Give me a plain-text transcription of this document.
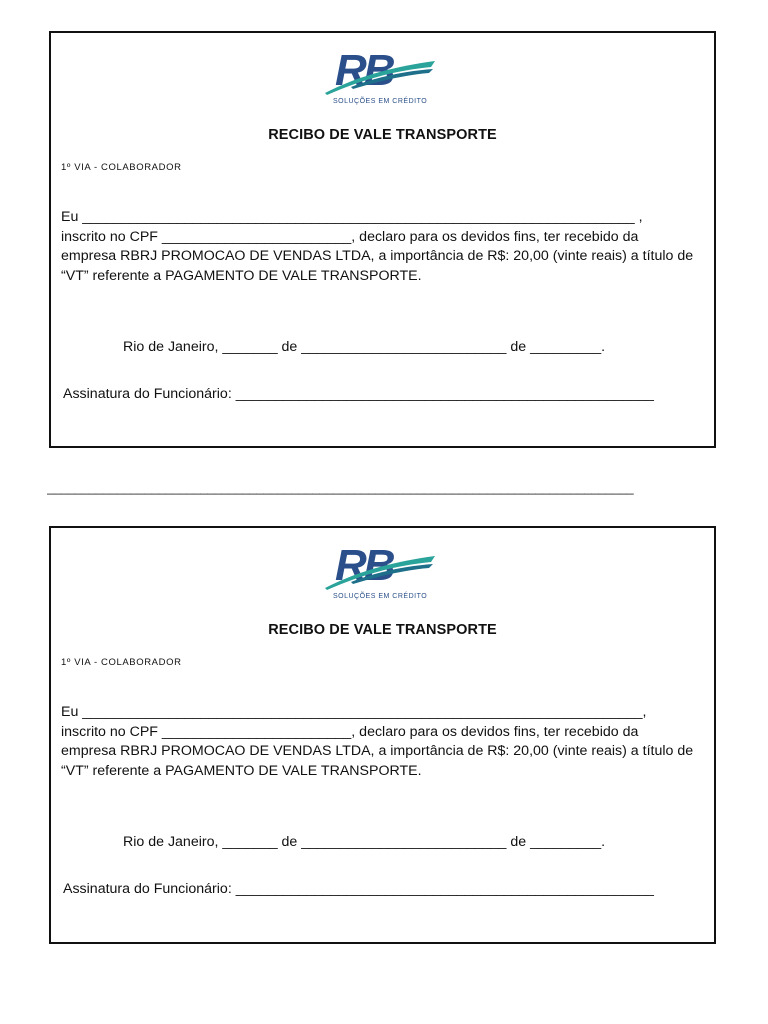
RECIBO DE VALE TRANSPORTE
1º VIA - COLABORADOR
Eu ______________________________________________________________________ ,
inscrito no CPF ________________________, declaro para os devidos fins, ter recebido da empresa RBRJ PROMOCAO DE VENDAS LTDA, a importância de R$: 20,00 (vinte reais) a título de “VT” referente a PAGAMENTO DE VALE TRANSPORTE.
Rio de Janeiro, _______ de __________________________ de _________.
Assinatura do Funcionário: _____________________________________________________
____________________________________________________________________________________
RECIBO DE VALE TRANSPORTE
1º VIA - COLABORADOR
Eu _______________________________________________________________________,
inscrito no CPF ________________________, declaro para os devidos fins, ter recebido da empresa RBRJ PROMOCAO DE VENDAS LTDA, a importância de R$: 20,00 (vinte reais) a título de “VT” referente a PAGAMENTO DE VALE TRANSPORTE.
Rio de Janeiro, _______ de __________________________ de _________.
Assinatura do Funcionário: _____________________________________________________
